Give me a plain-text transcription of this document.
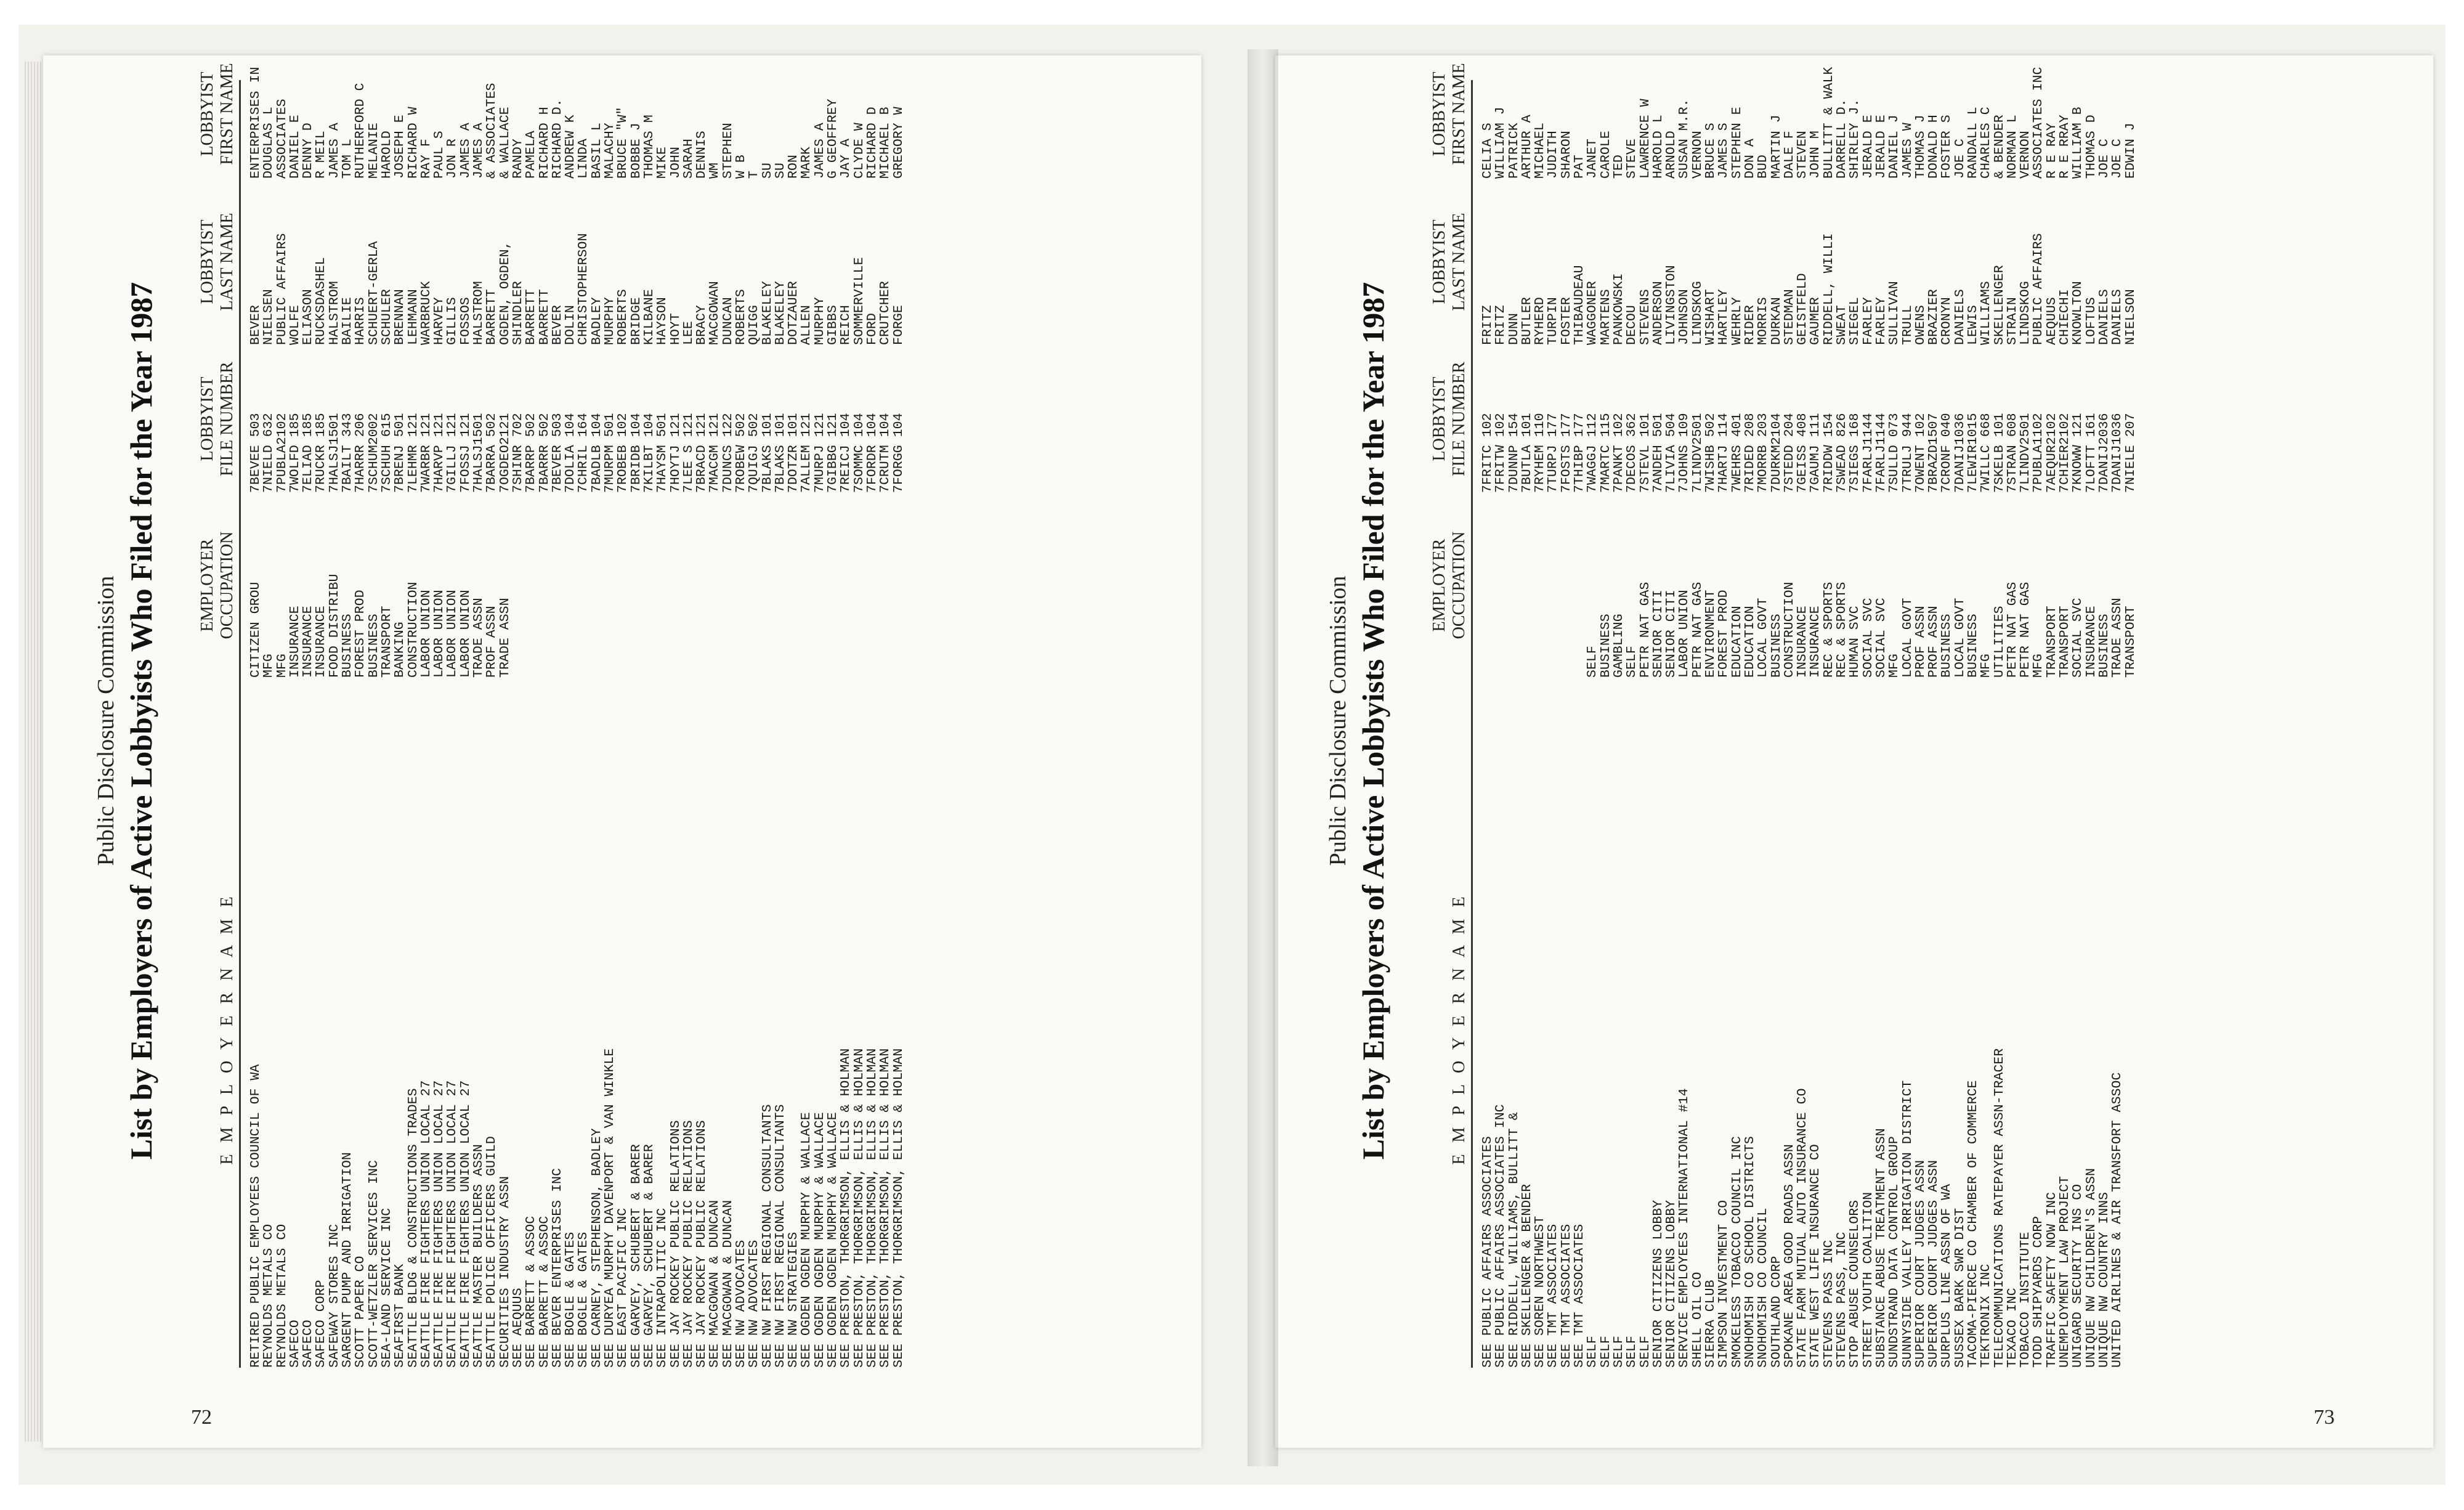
Public Disclosure Commission List by Employers of Active Lobbyists Who Filed for the Year 1987	E M P L O Y E R N A M E
EMPLOYER
OCCUPATION
LOBBYIST
FILE NUMBER
LOBBYIST
LAST NAME
LOBBYIST
FIRST NAME
RETIRED PUBLIC EMPLOYEES COUNCIL OF WA
CITIZEN GROU
7BEVEE 503
BEVER
ENTERPRISES IN
REYNOLDS METALS CO
MFG
7NIELD 632
NIELSEN
DOUGLAS L
REYNOLDS METALS CO
MFG
7PUBLA2102
PUBLIC AFFAIRS
ASSOCIATES
SAFECO
INSURANCE
7WOLFD 185
WOLFE
DANIEL E
SAFECO
INSURANCE
7ELIAD 185
ELIASON
DENNY D
SAFECO CORP
INSURANCE
7RUCKR 185
RUCKSDASHEL
R MEIL
SAFEWAY STORES INC
FOOD DISTRIBU
7HALSJ1501
HALSTROM
JAMES A
SARGENT PUMP AND IRRIGATION
BUSINESS
7BAILT 343
BAILIE
TOM L
SCOTT PAPER CO
FOREST PROD
7HARRR 206
HARRIS
RUTHERFORD C
SCOTT-WETZLER SERVICES INC
BUSINESS
7SCHUM2002
SCHUERT-GERLA
MELANIE
SEA-LAND SERVICE INC
TRANSPORT
7SCHUH 615
SCHULER
HAROLD
SEAFIRST BANK
BANKING
7BRENJ 501
BRENNAN
JOSEPH E
SEATTLE BLDG & CONSTRUCTIONS TRADES
CONSTRUCTION
7LEHMR 121
LEHMANN
RICHARD W
SEATTLE FIRE FIGHTERS UNION LOCAL 27
LABOR UNION
7WARBR 121
WARBRUCK
RAY F
SEATTLE FIRE FIGHTERS UNION LOCAL 27
LABOR UNION
7HARVP 121
HARVEY
PAUL S
SEATTLE FIRE FIGHTERS UNION LOCAL 27
LABOR UNION
7GILLJ 121
GILLIS
JON R
SEATTLE FIRE FIGHTERS UNION LOCAL 27
LABOR UNION
7FOSSJ 121
FOSSOS
JAMES A
SEATTLE MASTER BUILDERS ASSN
TRADE ASSN
7HALSJ1501
HALSTROM
JAMES A
SEATTLE POLICE OFFICERS GUILD
PROF ASSN
7BARRA 502
BARRETT
& ASSOCIATES
SECURITIES INDUSTRY ASSN
TRADE ASSN
7OGDEO2121
OGDEN, OGDEN,
& WALLACE
SEE AEQUUS
7SHINR 702
SHINDLER
RANDY
SEE BARRETT & ASSOC
7BARRP 502
BARRETT
PAMELA
SEE BARRETT & ASSOC
7BARRR 502
BARRETT
RICHARD H
SEE BEVER ENTERPRISES INC
7BEVER 503
BEVER
RICHARD D.
SEE BOGLE & GATES
7DOLIA 104
DOLIN
ANDREW K
SEE BOGLE & GATES
7CHRIL 164
CHRISTOPHERSON
LINDA
SEE CARNEY, STEPHENSON, BADLEY
7BADLB 104
BADLEY
BASIL L
SEE DURYEA MURPHY DAVENPORT & VAN WINKLE
7MURPM 501
MURPHY
MALACHY
SEE EAST PACIFIC INC
7ROBEB 102
ROBERTS
BRUCE "W"
SEE GARVEY, SCHUBERT & BARER
7BRIDB 104
BRIDGE
BOBBE J
SEE GARVEY, SCHUBERT & BARER
7KILBT 104
KILBANE
THOMAS M
SEE INTRAPOLITIC INC
7HAYSM 501
HAYSON
MIKE
SEE JAY ROCKEY PUBLIC RELATIONS
7HOYTJ 121
HOYT
JOHN
SEE JAY ROCKEY PUBLIC RELATIONS
7LEE S 121
LEE
SARAH
SEE JAY ROCKEY PUBLIC RELATIONS
7BRACD 121
BRACY
DENNIS
SEE MACGOWAN & DUNCAN
7MACGM 121
MACGOWAN
WM
SEE MACGOWAN & DUNCAN
7DUNCS 122
DUNCAN
STEPHEN
SEE NW ADVOCATES
7ROBEW 502
ROBERTS
W B
SEE NW ADVOCATES
7QUIGJ 502
QUIGG
T
SEE NW FIRST REGIONAL CONSULTANTS
7BLAKS 101
BLAKELEY
SU
SEE NW FIRST REGIONAL CONSULTANTS
7BLAKS 101
BLAKELEY
SU
SEE NW STRATEGIES
7DOTZR 101
DOTZAUER
RON
SEE OGDEN OGDEN MURPHY & WALLACE
7ALLEM 121
ALLEN
MARK
SEE OGDEN OGDEN MURPHY & WALLACE
7MURPJ 121
MURPHY
JAMES A
SEE OGDEN OGDEN MURPHY & WALLACE
7GIBBG 121
GIBBS
G GEOFFREY
SEE PRESTON, THORGRIMSON, ELLIS & HOLMAN
7REICJ 104
REICH
JAY A
SEE PRESTON, THORGRIMSON, ELLIS & HOLMAN
7SOMMC 104
SOMMERVILLE
CLYDE W
SEE PRESTON, THORGRIMSON, ELLIS & HOLMAN
7FORDR 104
FORD
RICHARD D
SEE PRESTON, THORGRIMSON, ELLIS & HOLMAN
7CRUTM 104
CRUTCHER
MICHAEL B
SEE PRESTON, THORGRIMSON, ELLIS & HOLMAN
7FORGG 104
FORGE
GREGORY W
72
Public Disclosure Commission List by Employers of Active Lobbyists Who Filed for the Year 1987	E M P L O Y E R N A M E
EMPLOYER
OCCUPATION
LOBBYIST
FILE NUMBER
LOBBYIST
LAST NAME
LOBBYIST
FIRST NAME
SEE PUBLIC AFFAIRS ASSOCIATES
7FRITC 102
FRITZ
CELIA S
SEE PUBLIC AFFAIRS ASSOCIATES INC
7FRITW 102
FRITZ
WILLIAM J
SEE RIDDELL, WILLIAMS, BULLITT &
7DUNNP 154
DUNN
PATRICK
SEE SKELLENGER & BENDER
7BUTLA 101
BUTLER
ARTHUR A
SEE SOREN NORTHWEST
7RYHEM 110
RYHERD
MICHAEL
SEE TMT ASSOCIATES
7TURPJ 177
TURPIN
JUDITH
SEE TMT ASSOCIATES
7FOSTS 177
FOSTER
SHARON
SEE TMT ASSOCIATES
7THIBP 177
THIBAUDEAU
PAT
SELF
SELF
7WAGGJ 112
WAGGONER
JANET
SELF
BUSINESS
7MARTC 115
MARTENS
CAROLE
SELF
GAMBLING
7PANKT 102
PANKOWSKI
TED
SELF
SELF
7DECOS 362
DECOU
STEVE
SELF
PETR NAT GAS
7STEVL 101
STEVENS
LAWRENCE W
SENIOR CITIZENS LOBBY
SENIOR CITI
7ANDEH 501
ANDERSON
HAROLD L
SENIOR CITIZENS LOBBY
SENIOR CITI
7LIVIA 504
LIVINGSTON
ARNOLD
SERVICE EMPLOYEES INTERNATIONAL #14
LABOR UNION
7JOHNS 109
JOHNSON
SUSAN M.R.
SHELL OIL CO
PETR NAT GAS
7LINDV2501
LINDSKOG
VERNON
SIERRA CLUB
ENVIRONMENT
7WISHB 502
WISHART
BRUCE S
SIMPSON INVESTMENT CO
FOREST PROD
7HARTJ 114
HARTLEY
JAMES S
SMOKELESS TOBACCO COUNCIL INC
EDUCATION
7WEHRS 401
WEHRLY
STEPHEN E
SNOHOMISH CO SCHOOL DISTRICTS
EDUCATION
7RIDED 208
RIDER
DON A
SNOHOMISH CO COUNCIL
LOCAL GOVT
7MORRB 203
MORRIS
BUD
SOUTHLAND CORP
BUSINESS
7DURKM2104
DURKAN
MARTIN J
SPOKANE AREA GOOD ROADS ASSN
CONSTRUCTION
7STEDD 204
STEDMAN
DALE F
STATE FARM MUTUAL AUTO INSURANCE CO
INSURANCE
7GEISS 408
GEISTFELD
STEVEN
STATE WEST LIFE INSURANCE CO
INSURANCE
7GAUMJ 111
GAUMER
JOHN M
STEVENS PASS INC
REC & SPORTS
7RIDDW 154
RIDDELL, WILLI
BULLITT & WALK
STEVENS PASS, INC
REC & SPORTS
7SWEAD 826
SWEAT
DARRELL D.
STOP ABUSE COUNSELORS
HUMAN SVC
7SIEGS 168
SIEGEL
SHIRLEY J.
STREET YOUTH COALITION
SOCIAL SVC
7FARLJ1144
FARLEY
JERALD E
SUBSTANCE ABUSE TREATMENT ASSN
SOCIAL SVC
7FARLJ1144
FARLEY
JERALD E
SUNDSTRAND DATA CONTROL GROUP
MFG
7SULLD 073
SULLIVAN
DANIEL J
SUNNYSIDE VALLEY IRRIGATION DISTRICT
LOCAL GOVT
7TRULJ 944
TRULL
JAMES W
SUPERIOR COURT JUDGES ASSN
PROF ASSN
7OWENT 102
OWENS
THOMAS J
SUPERIOR COURT JUDGES ASSN
PROF ASSN
7BRAZD1507
BRAZIER
DONALD H
SURPLUS LINE ASSN OF WA
BUSINESS
7CRONF 040
CRONYN
FOSTER S
SUSSEX BARK SWR DIST
LOCAL GOVT
7DANIJ1036
DANIELS
JOE C
TACOMA-PIERCE CO CHAMBER OF COMMERCE
BUSINESS
7LEWIR1015
LEWIS
RANDALL L
TEKTRONIX INC
MFG
7WILLC 668
WILLIAMS
CHARLES C
TELECOMMUNICATIONS RATEPAYER ASSN-TRACER
UTILITIES
7SKELB 101
SKELLENGER
& BENDER
TEXACO INC
PETR NAT GAS
7STRAN 608
STRAIN
NORMAN L
TOBACCO INSTITUTE
PETR NAT GAS
7LINDV2501
LINDSKOG
VERNON
TODD SHIPYARDS CORP
MFG
7PUBLA1102
PUBLIC AFFAIRS
ASSOCIATES INC
TRAFFIC SAFETY NOW INC
TRANSPORT
7AEQUR2102
AEQUUS
R E RAY
UNEMPLOYMENT LAW PROJECT
TRANSPORT
7CHIER2102
CHIECHI
R E RRAY
UNIGARD SECURITY INS CO
SOCIAL SVC
7KNOWW 121
KNOWLTON
WILLIAM B
UNIQUE NW CHILDREN'S ASSN
INSURANCE
7LOFTT 161
LOFTUS
THOMAS D
UNIQUE NW COUNTRY INNS
BUSINESS
7DANIJ2036
DANIELS
JOE C
UNITED AIRLINES & AIR TRANSFORT ASSOC
TRADE ASSN
7DANIJ1036
DANIELS
JOE C
TRANSPORT
7NIELE 207
NIELSON
EDWIN J
73
